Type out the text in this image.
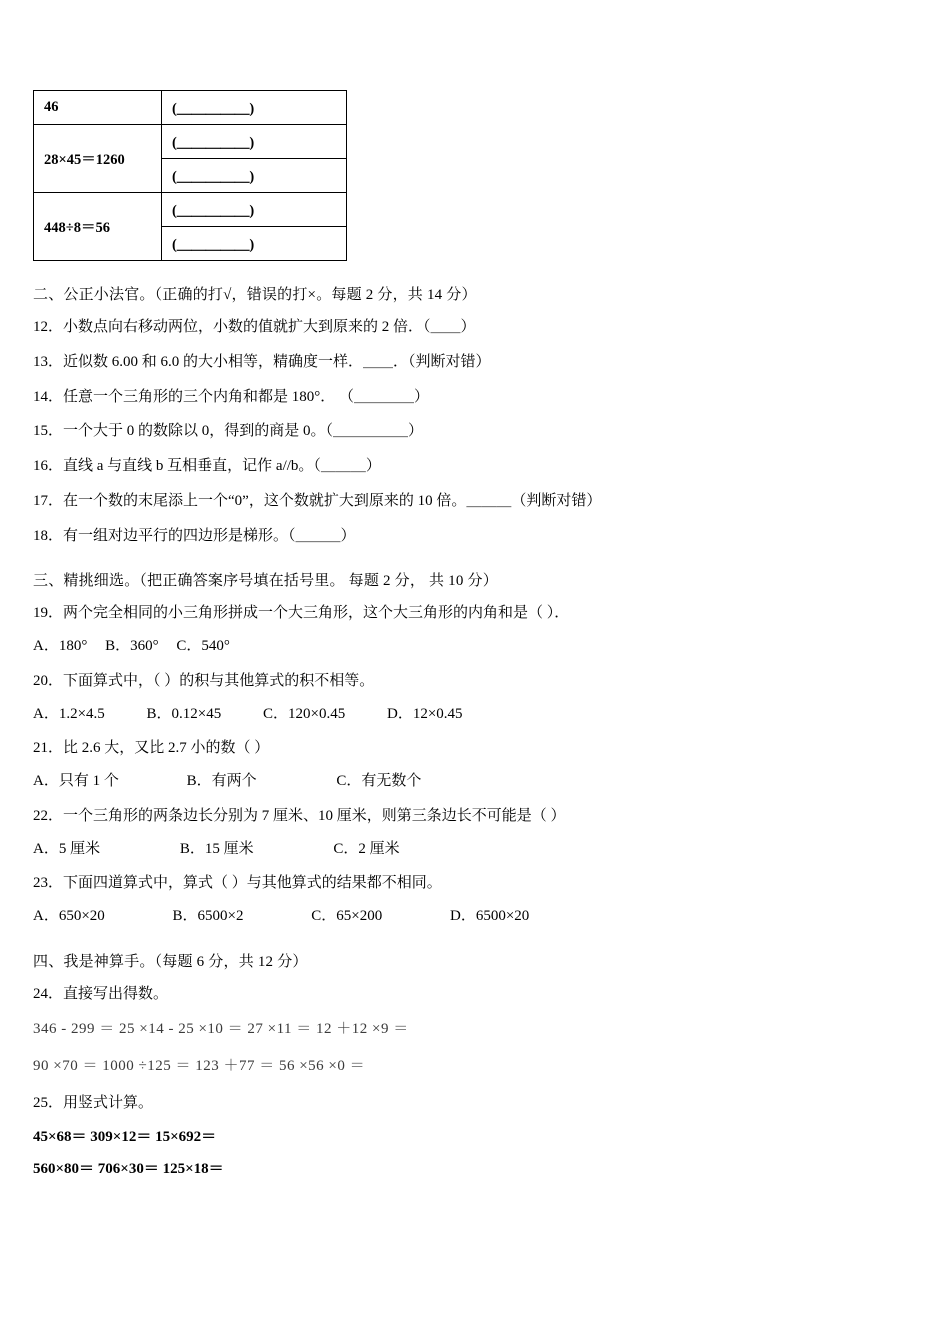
46	(＿＿＿＿＿)
28×45＝1260	(＿＿＿＿＿)
	(＿＿＿＿＿)
448÷8＝56	(＿＿＿＿＿)
	(＿＿＿＿＿)
二、公正小法官。（正确的打√，错误的打×。每题 2 分，共 14 分）
12．小数点向右移动两位，小数的值就扩大到原来的 2 倍．（＿＿）
13．近似数 6.00 和 6.0 的大小相等，精确度一样．＿＿．（判断对错）
14．任意一个三角形的三个内角和都是 180°． （＿＿＿＿）
15．一个大于 0 的数除以 0，得到的商是 0。（＿＿＿＿＿）
16．直线 a 与直线 b 互相垂直，记作 a//b。（＿＿＿）
17．在一个数的末尾添上一个“0”，这个数就扩大到原来的 10 倍。＿＿＿（判断对错）
18．有一组对边平行的四边形是梯形。（＿＿＿）
三、精挑细选。（把正确答案序号填在括号里。 每题 2 分， 共 10 分）
19．两个完全相同的小三角形拼成一个大三角形，这个大三角形的内角和是（ ）．
A．180° B．360° C．540°
20．下面算式中，（ ）的积与其他算式的积不相等。
A．1.2×4.5	B．0.12×45	C．120×0.45	D．12×0.45
21．比 2.6 大，又比 2.7 小的数（ ）
A．只有 1 个	B．有两个	C．有无数个
22．一个三角形的两条边长分别为 7 厘米、10 厘米，则第三条边长不可能是（ ）
A．5 厘米	B．15 厘米	C．2 厘米
23．下面四道算式中，算式（ ）与其他算式的结果都不相同。
A．650×20	B．6500×2	C．65×200	D．6500×20
四、我是神算手。（每题 6 分，共 12 分）
24．直接写出得数。
346 - 299 ＝ 25 ×14 - 25 ×10 ＝ 27 ×11 ＝ 12 ＋12 ×9 ＝
90 ×70 ＝ 1000 ÷125 ＝ 123 ＋77 ＝ 56 ×56 ×0 ＝
25．用竖式计算。
45×68＝ 309×12＝ 15×692＝
560×80＝ 706×30＝ 125×18＝
